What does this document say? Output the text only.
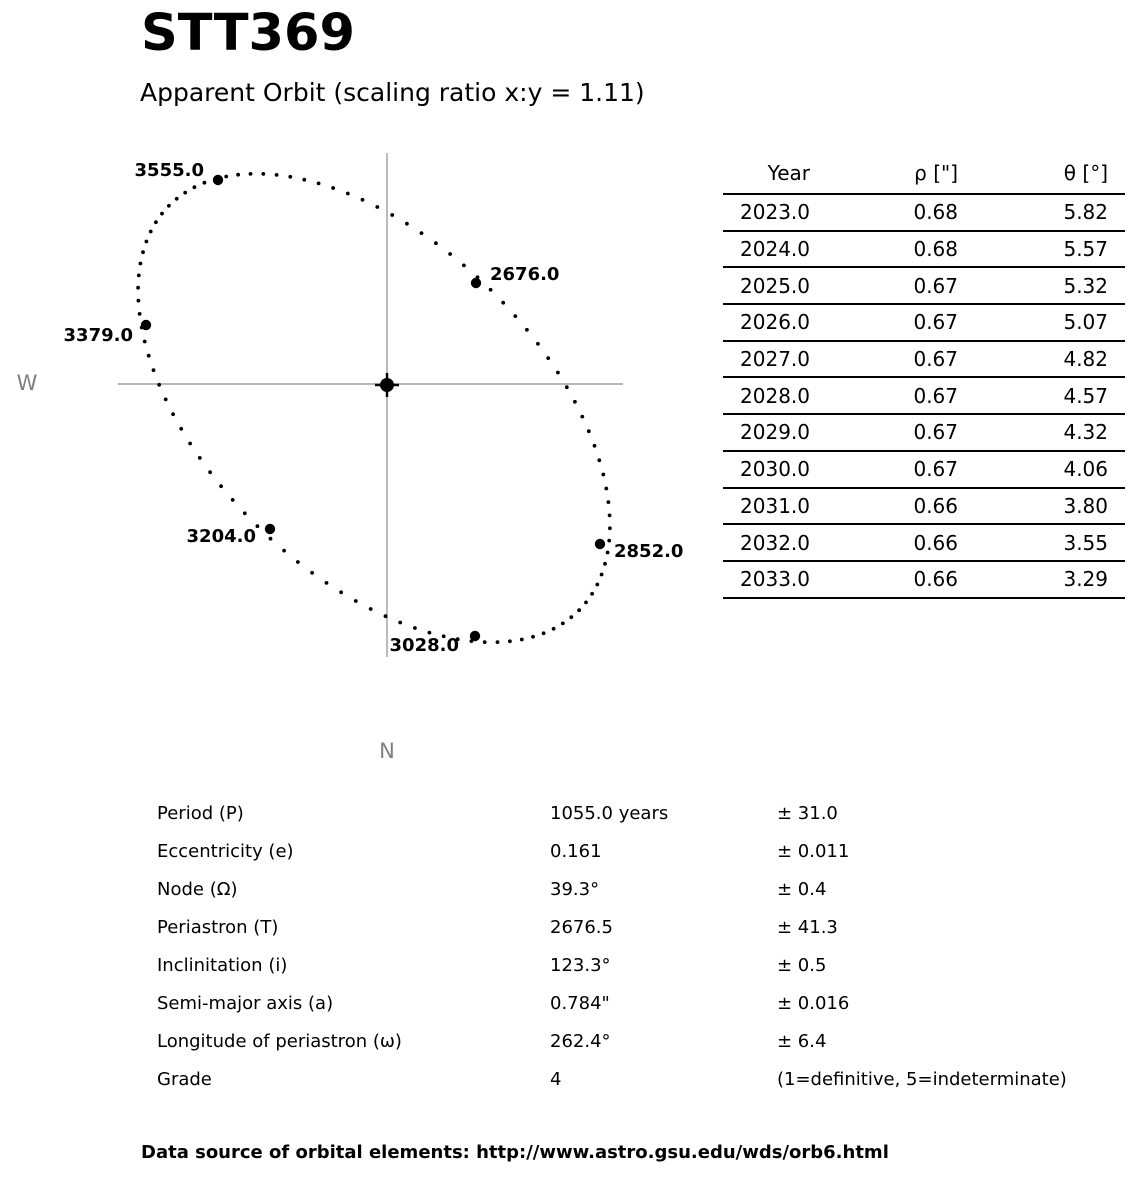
STT369
Apparent Orbit (scaling ratio x:y = 1.11)
3555.0
2676.0
3379.0
3204.0
2852.0
3028.0
W
N
Year	ρ ["]	θ [°]
2023.0	0.68	5.82
2024.0	0.68	5.57
2025.0	0.67	5.32
2026.0	0.67	5.07
2027.0	0.67	4.82
2028.0	0.67	4.57
2029.0	0.67	4.32
2030.0	0.67	4.06
2031.0	0.66	3.80
2032.0	0.66	3.55
2033.0	0.66	3.29
Period (P)	1055.0 years	± 31.0
Eccentricity (e)	0.161	± 0.011
Node (Ω)	39.3°	± 0.4
Periastron (T)	2676.5	± 41.3
Inclinitation (i)	123.3°	± 0.5
Semi-major axis (a)	0.784"	± 0.016
Longitude of periastron (ω)	262.4°	± 6.4
Grade	4	(1=definitive, 5=indeterminate)
Data source of orbital elements: http://www.astro.gsu.edu/wds/orb6.html
